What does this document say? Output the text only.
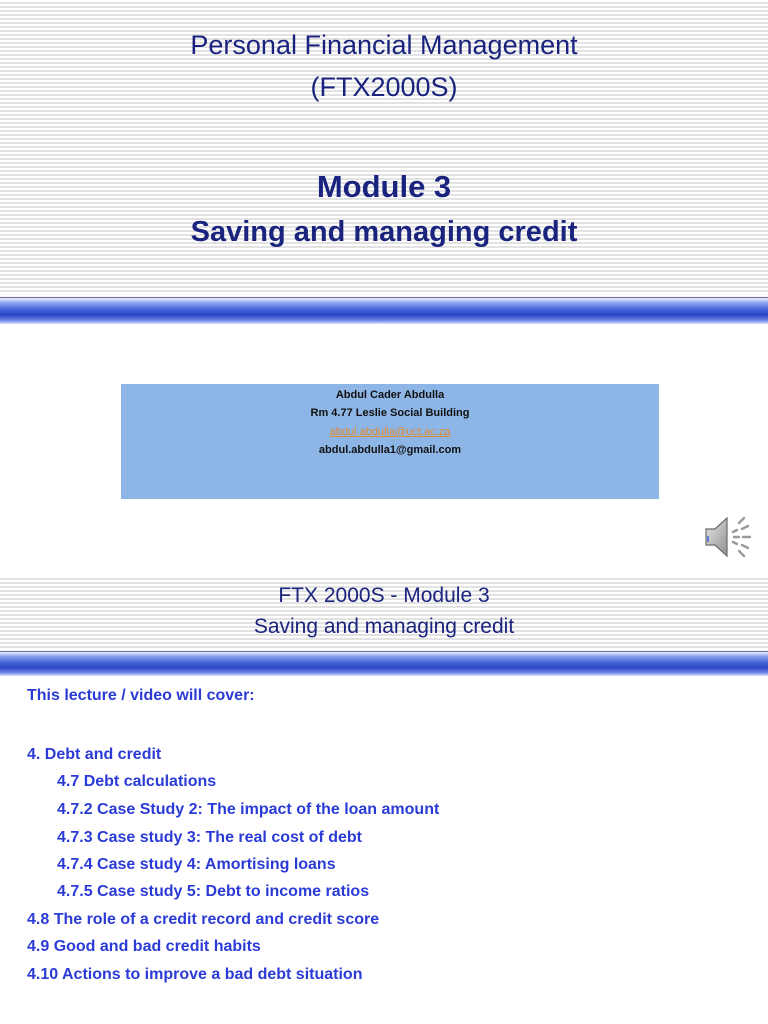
Personal Financial Management
(FTX2000S)
Module 3
Saving and managing credit
Abdul Cader Abdulla
Rm 4.77 Leslie Social Building
abdul.abdulla@uct.ac.za
abdul.abdulla1@gmail.com
FTX 2000S - Module 3
Saving and managing credit
This lecture / video will cover:
4. Debt and credit
4.7 Debt calculations
4.7.2 Case Study 2: The impact of the loan amount
4.7.3 Case study 3: The real cost of debt
4.7.4 Case study 4: Amortising loans
4.7.5 Case study 5: Debt to income ratios
4.8 The role of a credit record and credit score
4.9 Good and bad credit habits
4.10 Actions to improve a bad debt situation
